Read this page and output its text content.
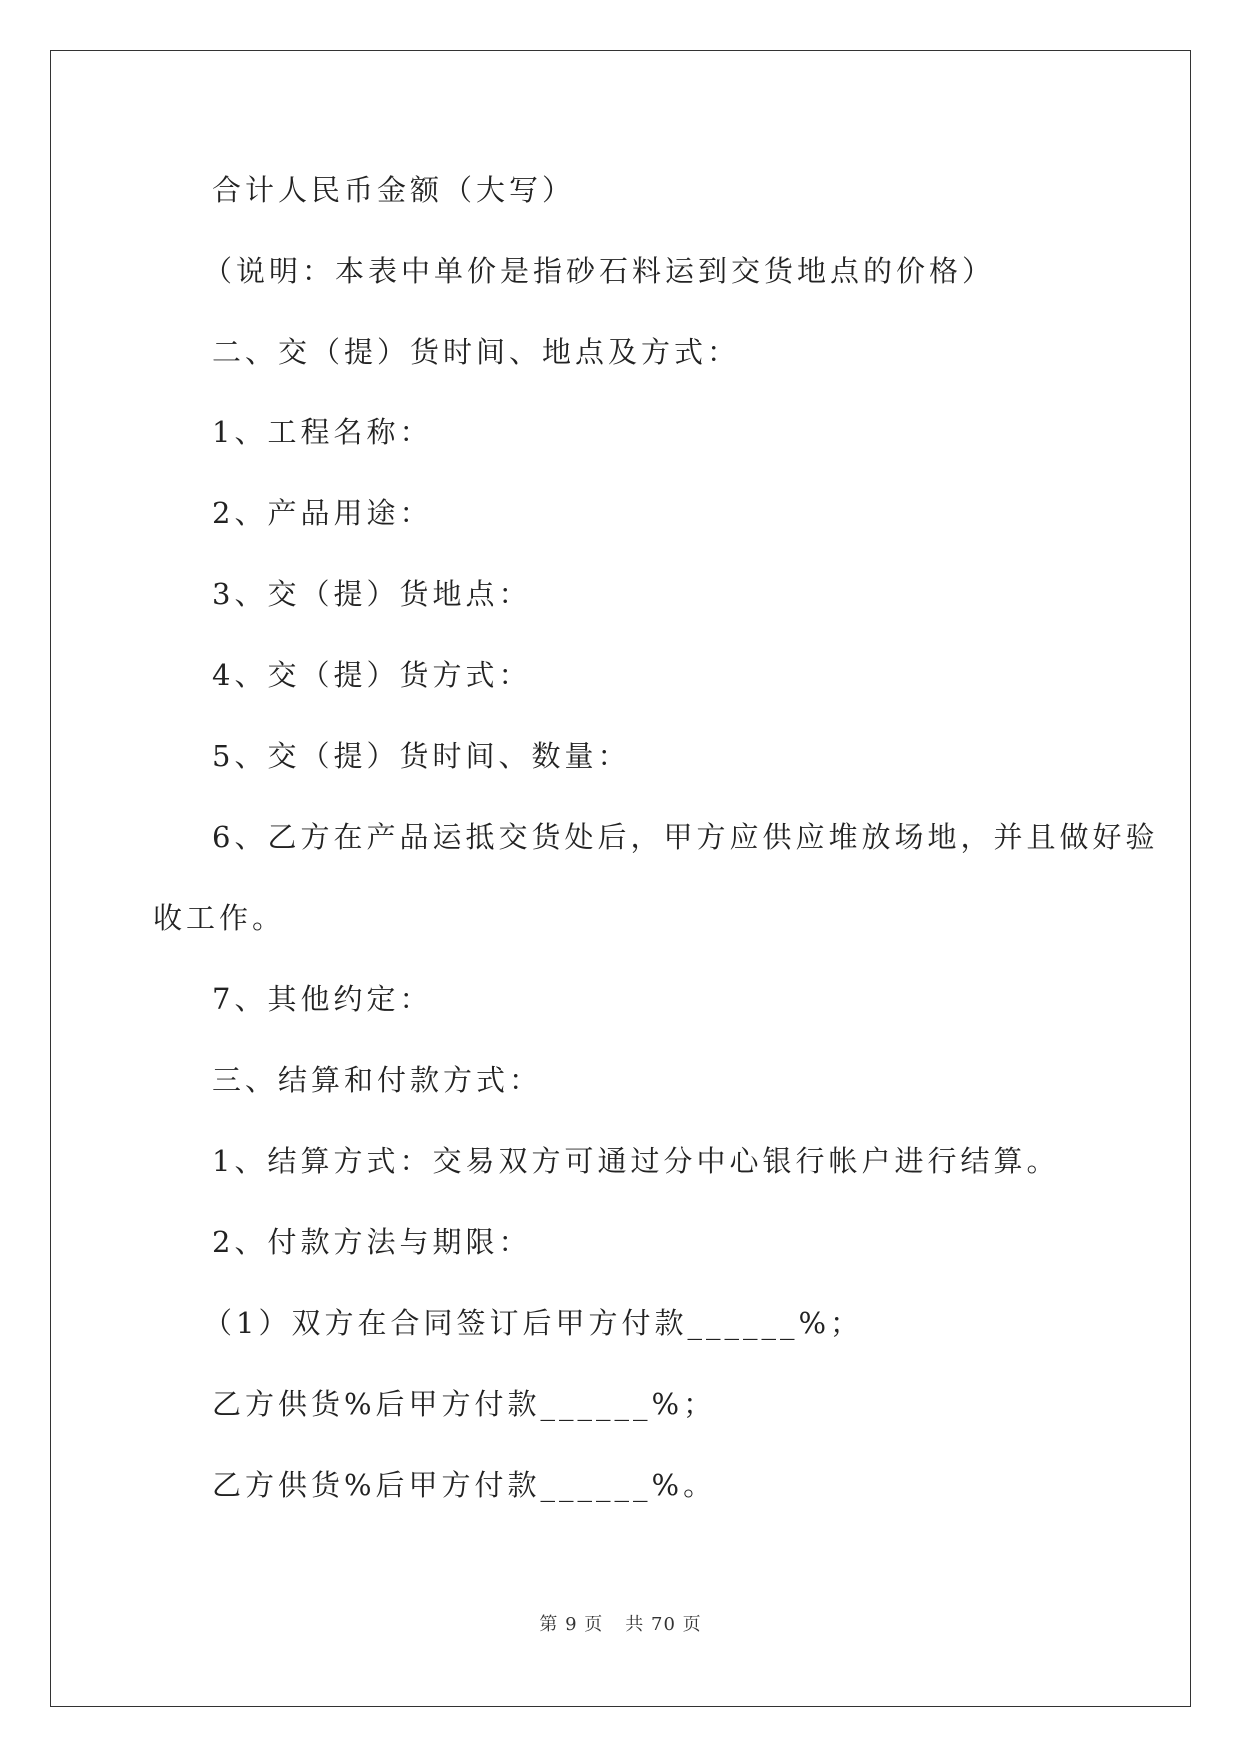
合计人民币金额（大写）
（说明：本表中单价是指砂石料运到交货地点的价格）
二、交（提）货时间、地点及方式：
1、工程名称：
2、产品用途：
3、交（提）货地点：
4、交（提）货方式：
5、交（提）货时间、数量：
6、乙方在产品运抵交货处后，甲方应供应堆放场地，并且做好验
收工作。
7、其他约定：
三、结算和付款方式：
1、结算方式：交易双方可通过分中心银行帐户进行结算。
2、付款方法与期限：
（1）双方在合同签订后甲方付款______%；
乙方供货%后甲方付款______%；
乙方供货%后甲方付款______%。
第 9 页 共 70 页
